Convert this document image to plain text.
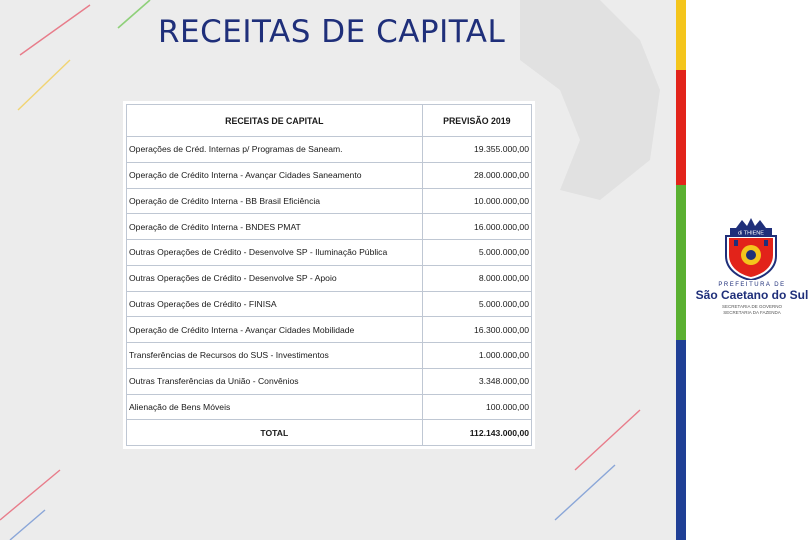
RECEITAS DE CAPITAL
RECEITAS DE CAPITAL	PREVISÃO 2019
Operações de Créd. Internas p/ Programas de Saneam.	19.355.000,00
Operação de Crédito Interna - Avançar Cidades Saneamento	28.000.000,00
Operação de Crédito Interna - BB Brasil Eficiência	10.000.000,00
Operação de Crédito Interna - BNDES PMAT	16.000.000,00
Outras Operações de Crédito - Desenvolve SP - Iluminação Pública	5.000.000,00
Outras Operações de Crédito - Desenvolve SP - Apoio	8.000.000,00
Outras Operações de Crédito - FINISA	5.000.000,00
Operação de Crédito Interna - Avançar Cidades Mobilidade	16.300.000,00
Transferências de Recursos do SUS - Investimentos	1.000.000,00
Outras Transferências da União - Convênios	3.348.000,00
Alienação de Bens Móveis	100.000,00
TOTAL	112.143.000,00
di THIENE
PREFEITURA DE
São Caetano do Sul
SECRETARIA DE GOVERNO
SECRETARIA DA FAZENDA
